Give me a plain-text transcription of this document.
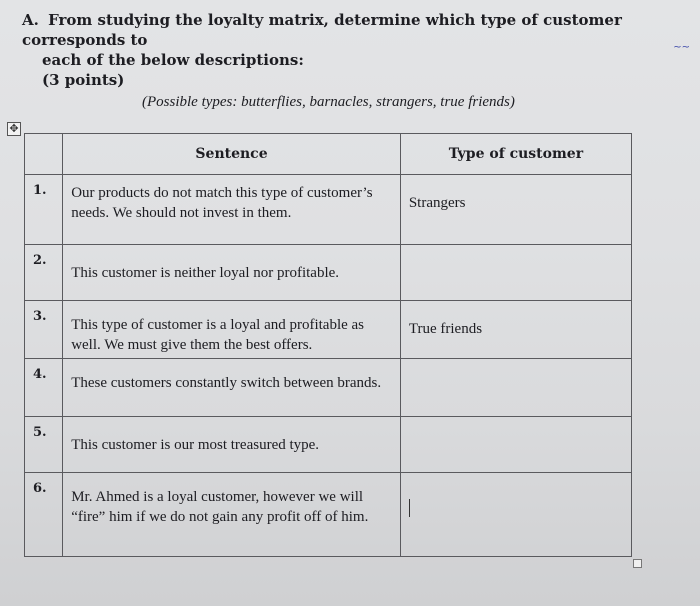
A. From studying the loyalty matrix, determine which type of customer corresponds to
each of the below descriptions:
(3 points)
~~
(Possible types: butterflies, barnacles, strangers, true friends)
✥
	Sentence	Type of customer
1.	Our products do not match this type of customer’s needs. We should not invest in them.	Strangers
2.	This customer is neither loyal nor profitable.	
3.	This type of customer is a loyal and profitable as well. We must give them the best offers.	True friends
4.	These customers constantly switch between brands.	
5.	This customer is our most treasured type.	
6.	Mr. Ahmed is a loyal customer, however we will “fire” him if we do not gain any profit off of him.	
